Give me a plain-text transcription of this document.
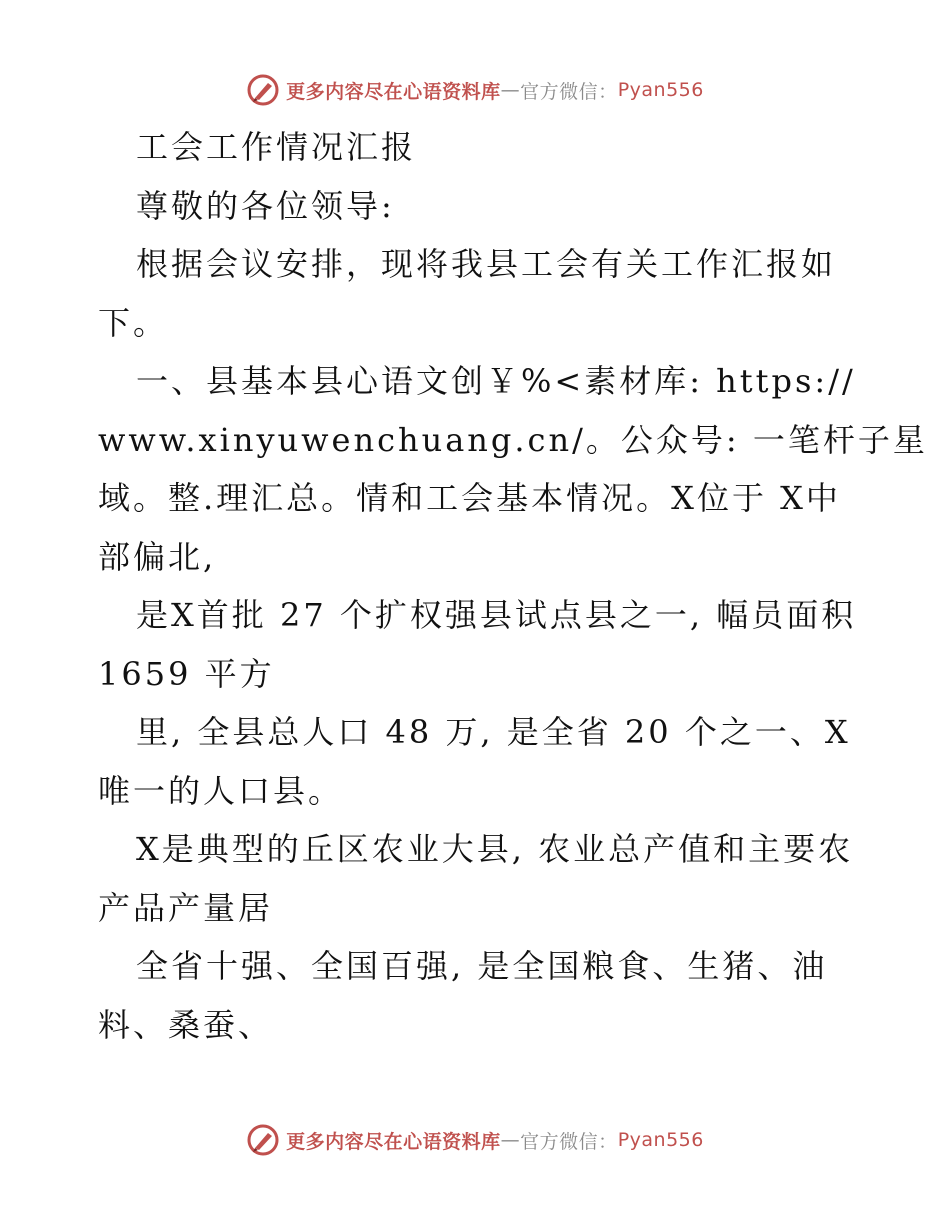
更多内容尽在心语资料库 — 官方微信： Pyan556

工会工作情况汇报

尊敬的各位领导:

根据会议安排，现将我县工会有关工作汇报如

下。

一、县基本县心语文创￥%<素材库: https://

www.xinyuwenchuang.cn/。公众号: 一笔杆子星

域。整.理汇总。情和工会基本情况。X位于 X中

部偏北,

是X首批 27 个扩权强县试点县之一, 幅员面积

1659 平方

里, 全县总人口 48 万, 是全省 20 个之一、X

唯一的人口县。

X是典型的丘区农业大县, 农业总产值和主要农

产品产量居

全省十强、全国百强, 是全国粮食、生猪、油

料、桑蚕、

更多内容尽在心语资料库 — 官方微信： Pyan556
